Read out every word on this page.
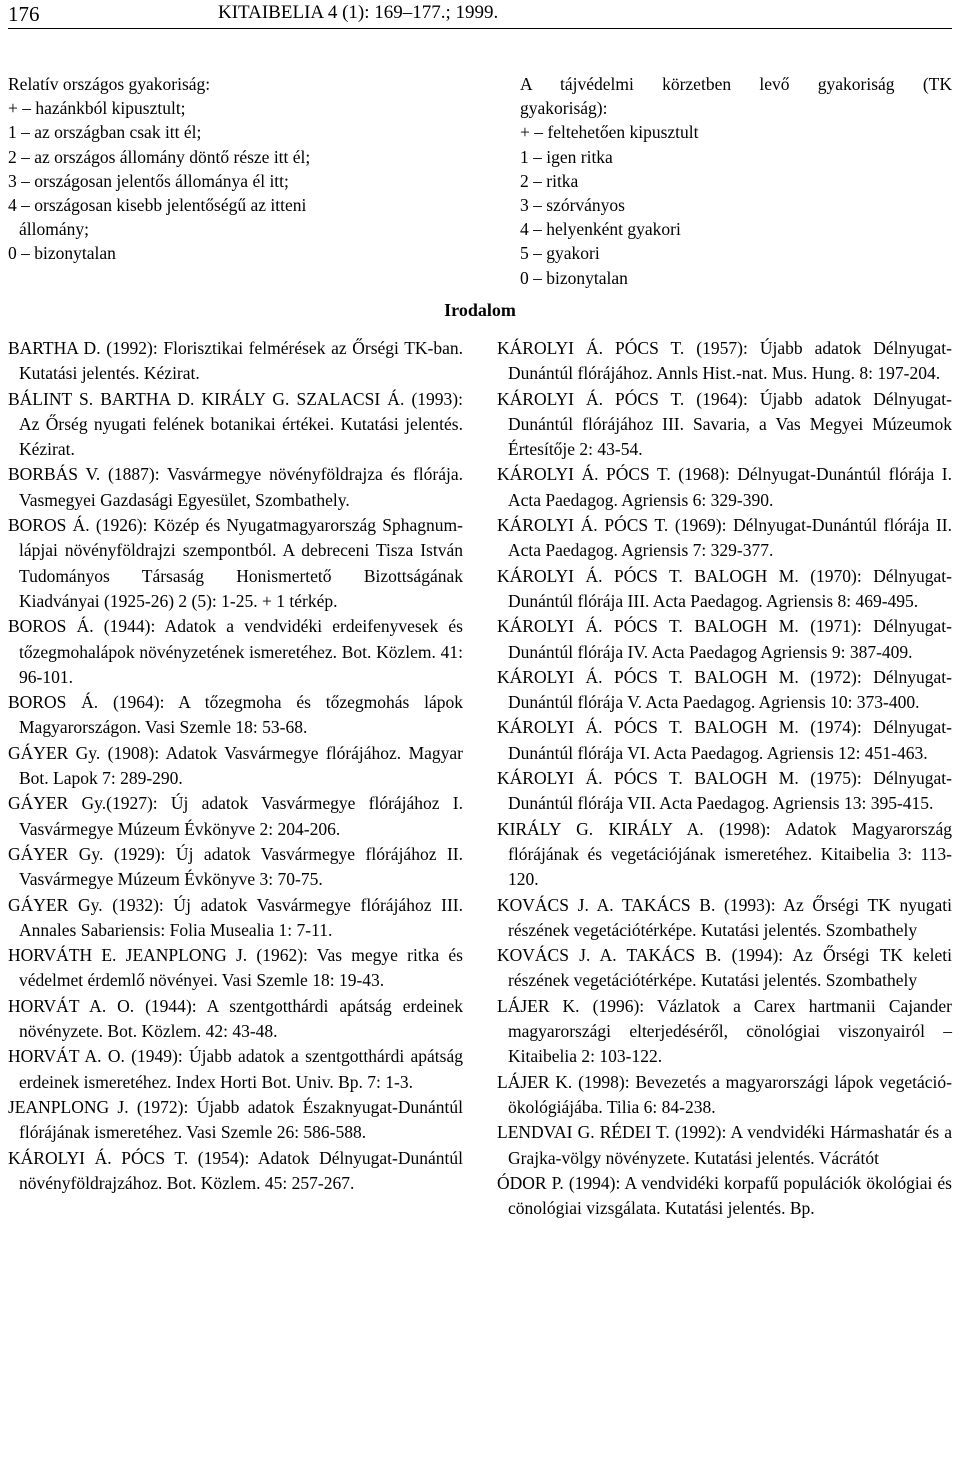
176	KITAIBELIA 4 (1): 169–177.; 1999.

Relatív országos gyakoriság:

+ – hazánkból kipusztult;

1 – az országban csak itt él;

2 – az országos állomány döntő része itt él;

3 – országosan jelentős állománya él itt;

4 – országosan kisebb jelentőségű az itteni

állomány;

0 – bizonytalan

A tájvédelmi körzetben levő gyakoriság (TK

gyakoriság):

+ – feltehetően kipusztult

1 – igen ritka

2 – ritka

3 – szórványos

4 – helyenként gyakori

5 – gyakori

0 – bizonytalan

Irodalom

BARTHA D. (1992): Florisztikai felmérések az Őrségi TK-ban. Kutatási jelentés. Kézirat.

BÁLINT S. BARTHA D. KIRÁLY G. SZALACSI Á. (1993): Az Őrség nyugati felének botanikai értékei. Kutatási jelentés. Kézirat.

BORBÁS V. (1887): Vasvármegye növényföldrajza és flórája. Vasmegyei Gazdasági Egyesület, Szombathely.

BOROS Á. (1926): Közép és Nyugatmagyarország Sphagnum-lápjai növényföldrajzi szempontból. A debreceni Tisza István Tudományos Társaság Honismertető Bizottságának Kiadványai (1925-26) 2 (5): 1-25. + 1 térkép.

BOROS Á. (1944): Adatok a vendvidéki erdeifenyvesek és tőzegmohalápok növényzetének ismeretéhez. Bot. Közlem. 41: 96-101.

BOROS Á. (1964): A tőzegmoha és tőzegmohás lápok Magyarországon. Vasi Szemle 18: 53-68.

GÁYER Gy. (1908): Adatok Vasvármegye flórájához. Magyar Bot. Lapok 7: 289-290.

GÁYER Gy.(1927): Új adatok Vasvármegye flórájához I. Vasvármegye Múzeum Évkönyve 2: 204-206.

GÁYER Gy. (1929): Új adatok Vasvármegye flórájához II. Vasvármegye Múzeum Évkönyve 3: 70-75.

GÁYER Gy. (1932): Új adatok Vasvármegye flórájához III. Annales Sabariensis: Folia Musealia 1: 7-11.

HORVÁTH E. JEANPLONG J. (1962): Vas megye ritka és védelmet érdemlő növényei. Vasi Szemle 18: 19-43.

HORVÁT A. O. (1944): A szentgotthárdi apátság erdeinek növényzete. Bot. Közlem. 42: 43-48.

HORVÁT A. O. (1949): Újabb adatok a szentgotthárdi apátság erdeinek ismeretéhez. Index Horti Bot. Univ. Bp. 7: 1-3.

JEANPLONG J. (1972): Újabb adatok Északnyugat-Dunántúl flórájának ismeretéhez. Vasi Szemle 26: 586-588.

KÁROLYI Á. PÓCS T. (1954): Adatok Délnyugat-Dunántúl növényföldrajzához. Bot. Közlem. 45: 257-267.

KÁROLYI Á. PÓCS T. (1957): Újabb adatok Délnyugat-Dunántúl flórájához. Annls Hist.-nat. Mus. Hung. 8: 197-204.

KÁROLYI Á. PÓCS T. (1964): Újabb adatok Délnyugat-Dunántúl flórájához III. Savaria, a Vas Megyei Múzeumok Értesítője 2: 43-54.

KÁROLYI Á. PÓCS T. (1968): Délnyugat-Dunántúl flórája I. Acta Paedagog. Agriensis 6: 329-390.

KÁROLYI Á. PÓCS T. (1969): Délnyugat-Dunántúl flórája II. Acta Paedagog. Agriensis 7: 329-377.

KÁROLYI Á. PÓCS T. BALOGH M. (1970): Délnyugat-Dunántúl flórája III. Acta Paedagog. Agriensis 8: 469-495.

KÁROLYI Á. PÓCS T. BALOGH M. (1971): Délnyugat-Dunántúl flórája IV. Acta Paedagog Agriensis 9: 387-409.

KÁROLYI Á. PÓCS T. BALOGH M. (1972): Délnyugat-Dunántúl flórája V. Acta Paedagog. Agriensis 10: 373-400.

KÁROLYI Á. PÓCS T. BALOGH M. (1974): Délnyugat-Dunántúl flórája VI. Acta Paedagog. Agriensis 12: 451-463.

KÁROLYI Á. PÓCS T. BALOGH M. (1975): Délnyugat-Dunántúl flórája VII. Acta Paedagog. Agriensis 13: 395-415.

KIRÁLY G. KIRÁLY A. (1998): Adatok Magyarország flórájának és vegetációjának ismeretéhez. Kitaibelia 3: 113-120.

KOVÁCS J. A. TAKÁCS B. (1993): Az Őrségi TK nyugati részének vegetációtérképe. Kutatási jelentés. Szombathely

KOVÁCS J. A. TAKÁCS B. (1994): Az Őrségi TK keleti részének vegetációtérképe. Kutatási jelentés. Szombathely

LÁJER K. (1996): Vázlatok a Carex hartmanii Cajander magyarországi elterjedéséről, cönológiai viszonyairól – Kitaibelia 2: 103-122.

LÁJER K. (1998): Bevezetés a magyarországi lápok vegetáció-ökológiájába. Tilia 6: 84-238.

LENDVAI G. RÉDEI T. (1992): A vendvidéki Hármashatár és a Grajka-völgy növényzete. Kutatási jelentés. Vácrátót

ÓDOR P. (1994): A vendvidéki korpafű populációk ökológiai és cönológiai vizsgálata. Kutatási jelentés. Bp.
